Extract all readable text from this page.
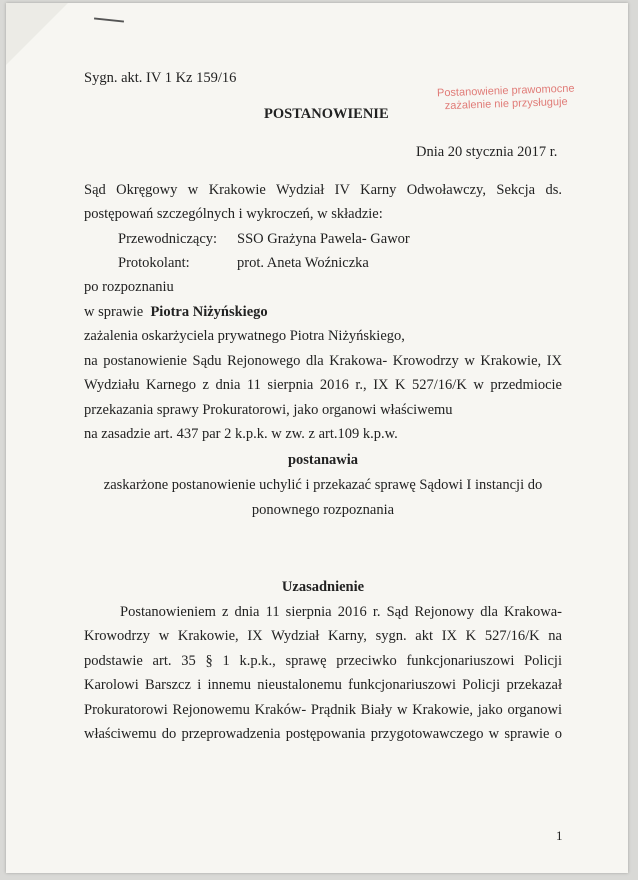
Sygn. akt. IV 1 Kz 159/16
Postanowienie prawomocne
zażalenie nie przysługuje
POSTANOWIENIE
Dnia 20 stycznia 2017 r.
Sąd Okręgowy w Krakowie Wydział IV Karny Odwoławczy, Sekcja ds.
postępowań szczególnych i wykroczeń, w składzie:
Przewodniczący: SSO Grażyna Pawela- Gawor
Protokolant:	prot. Aneta Woźniczka
po rozpoznaniu
w sprawie Piotra Niżyńskiego
zażalenia oskarżyciela prywatnego Piotra Niżyńskiego,
na postanowienie Sądu Rejonowego dla Krakowa- Krowodrzy w Krakowie, IX
Wydziału Karnego z dnia 11 sierpnia 2016 r., IX K 527/16/K w przedmiocie
przekazania sprawy Prokuratorowi, jako organowi właściwemu
na zasadzie art. 437 par 2 k.p.k. w zw. z art.109 k.p.w.
postanawia
zaskarżone postanowienie uchylić i przekazać sprawę Sądowi I instancji do
ponownego rozpoznania
Uzasadnienie
Postanowieniem z dnia 11 sierpnia 2016 r. Sąd Rejonowy dla Krakowa-
Krowodrzy w Krakowie, IX Wydział Karny, sygn. akt IX K 527/16/K na
podstawie art. 35 § 1 k.p.k., sprawę przeciwko funkcjonariuszowi Policji
Karolowi Barszcz i innemu nieustalonemu funkcjonariuszowi Policji przekazał
Prokuratorowi Rejonowemu Kraków- Prądnik Biały w Krakowie, jako organowi
właściwemu do przeprowadzenia postępowania przygotowawczego w sprawie o
1
